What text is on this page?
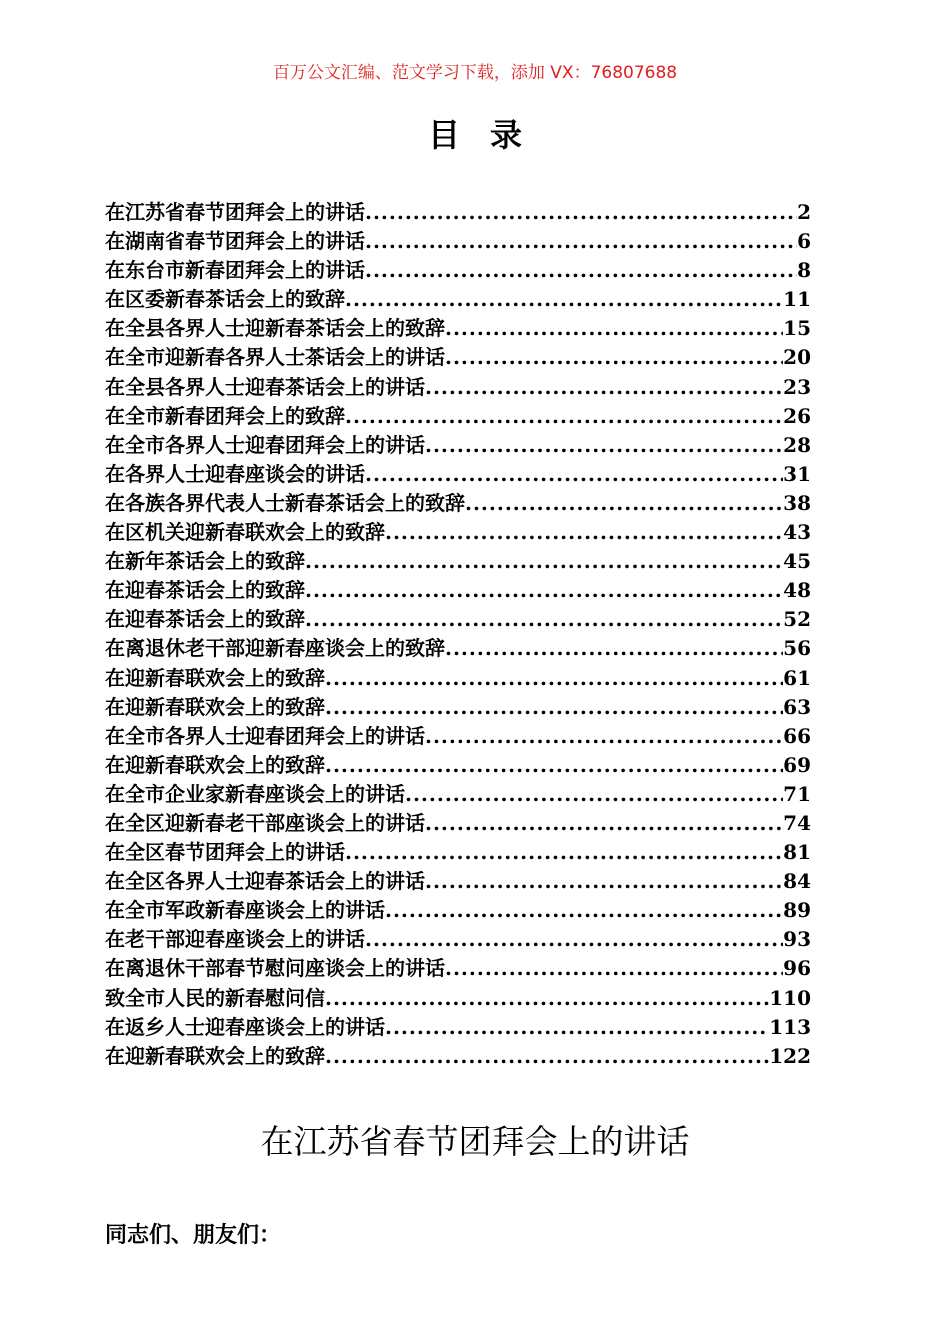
百万公文汇编、范文学习下载，添加 VX：76807688
目录
在江苏省春节团拜会上的讲话 .....	2
在湖南省春节团拜会上的讲话 .....	6
在东台市新春团拜会上的讲话 .....	8
在区委新春茶话会上的致辞 .....	11
在全县各界人士迎新春茶话会上的致辞 .....	15
在全市迎新春各界人士茶话会上的讲话 .....	20
在全县各界人士迎春茶话会上的讲话 .....	23
在全市新春团拜会上的致辞 .....	26
在全市各界人士迎春团拜会上的讲话 .....	28
在各界人士迎春座谈会的讲话 .....	31
在各族各界代表人士新春茶话会上的致辞 .....	38
在区机关迎新春联欢会上的致辞 .....	43
在新年茶话会上的致辞 .....	45
在迎春茶话会上的致辞 .....	48
在迎春茶话会上的致辞 .....	52
在离退休老干部迎新春座谈会上的致辞 .....	56
在迎新春联欢会上的致辞 .....	61
在迎新春联欢会上的致辞 .....	63
在全市各界人士迎春团拜会上的讲话 .....	66
在迎新春联欢会上的致辞 .....	69
在全市企业家新春座谈会上的讲话 .....	71
在全区迎新春老干部座谈会上的讲话 .....	74
在全区春节团拜会上的讲话 .....	81
在全区各界人士迎春茶话会上的讲话 .....	84
在全市军政新春座谈会上的讲话 .....	89
在老干部迎春座谈会上的讲话 .....	93
在离退休干部春节慰问座谈会上的讲话 .....	96
致全市人民的新春慰问信 .....	110
在返乡人士迎春座谈会上的讲话 .....	113
在迎新春联欢会上的致辞 .....	122
在江苏省春节团拜会上的讲话
同志们、朋友们：
